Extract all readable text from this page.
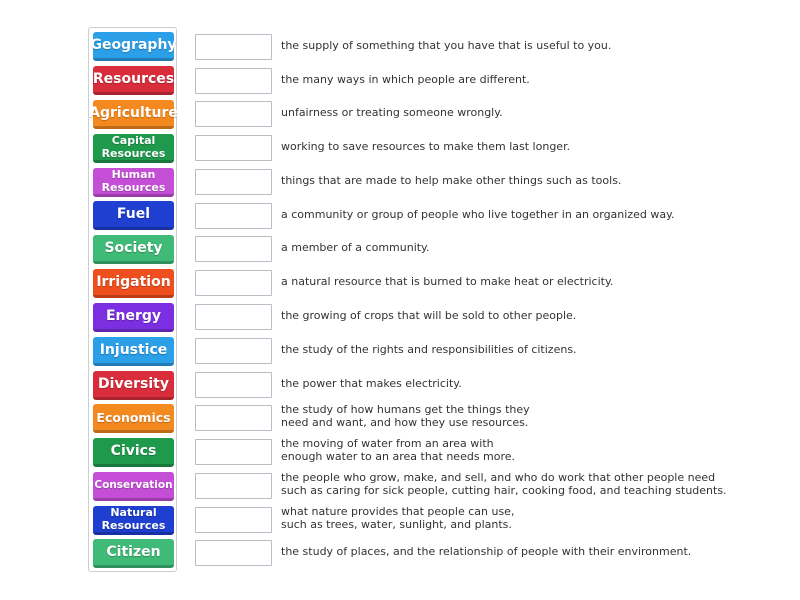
Geography
Resources
Agriculture
Capital Resources
Human Resources
Fuel
Society
Irrigation
Energy
Injustice
Diversity
Economics
Civics
Conservation
Natural Resources
Citizen
the supply of something that you have that is useful to you.
the many ways in which people are different.
unfairness or treating someone wrongly.
working to save resources to make them last longer.
things that are made to help make other things such as tools.
a community or group of people who live together in an organized way.
a member of a community.
a natural resource that is burned to make heat or electricity.
the growing of crops that will be sold to other people.
the study of the rights and responsibilities of citizens.
the power that makes electricity.
the study of how humans get the things they
need and want, and how they use resources.
the moving of water from an area with
enough water to an area that needs more.
the people who grow, make, and sell, and who do work that other people need
such as caring for sick people, cutting hair, cooking food, and teaching students.
what nature provides that people can use,
such as trees, water, sunlight, and plants.
the study of places, and the relationship of people with their environment.
